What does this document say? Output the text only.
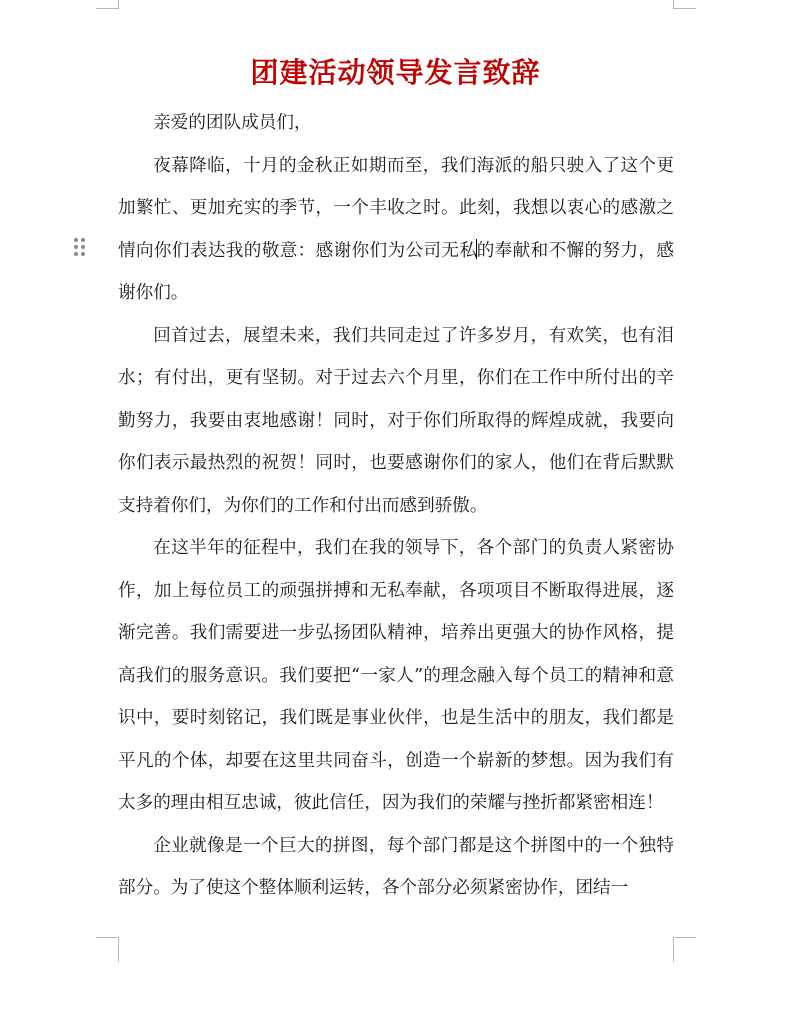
团建活动领导发言致辞

亲爱的团队成员们，

夜幕降临，十月的金秋正如期而至，我们海派的船只驶入了这个更加繁忙、更加充实的季节，一个丰收之时。此刻，我想以衷心的感激之情向你们表达我的敬意：感谢你们为公司无私的奉献和不懈的努力，感谢你们。

回首过去，展望未来，我们共同走过了许多岁月，有欢笑，也有泪水；有付出，更有坚韧。对于过去六个月里，你们在工作中所付出的辛勤努力，我要由衷地感谢！同时，对于你们所取得的辉煌成就，我要向你们表示最热烈的祝贺！同时，也要感谢你们的家人，他们在背后默默支持着你们，为你们的工作和付出而感到骄傲。

在这半年的征程中，我们在我的领导下，各个部门的负责人紧密协作，加上每位员工的顽强拼搏和无私奉献，各项项目不断取得进展，逐渐完善。我们需要进一步弘扬团队精神，培养出更强大的协作风格，提高我们的服务意识。我们要把“一家人”的理念融入每个员工的精神和意识中，要时刻铭记，我们既是事业伙伴，也是生活中的朋友，我们都是平凡的个体，却要在这里共同奋斗，创造一个崭新的梦想。因为我们有太多的理由相互忠诚，彼此信任，因为我们的荣耀与挫折都紧密相连！

企业就像是一个巨大的拼图，每个部门都是这个拼图中的一个独特部分。为了使这个整体顺利运转，各个部分必须紧密协作，团结一
